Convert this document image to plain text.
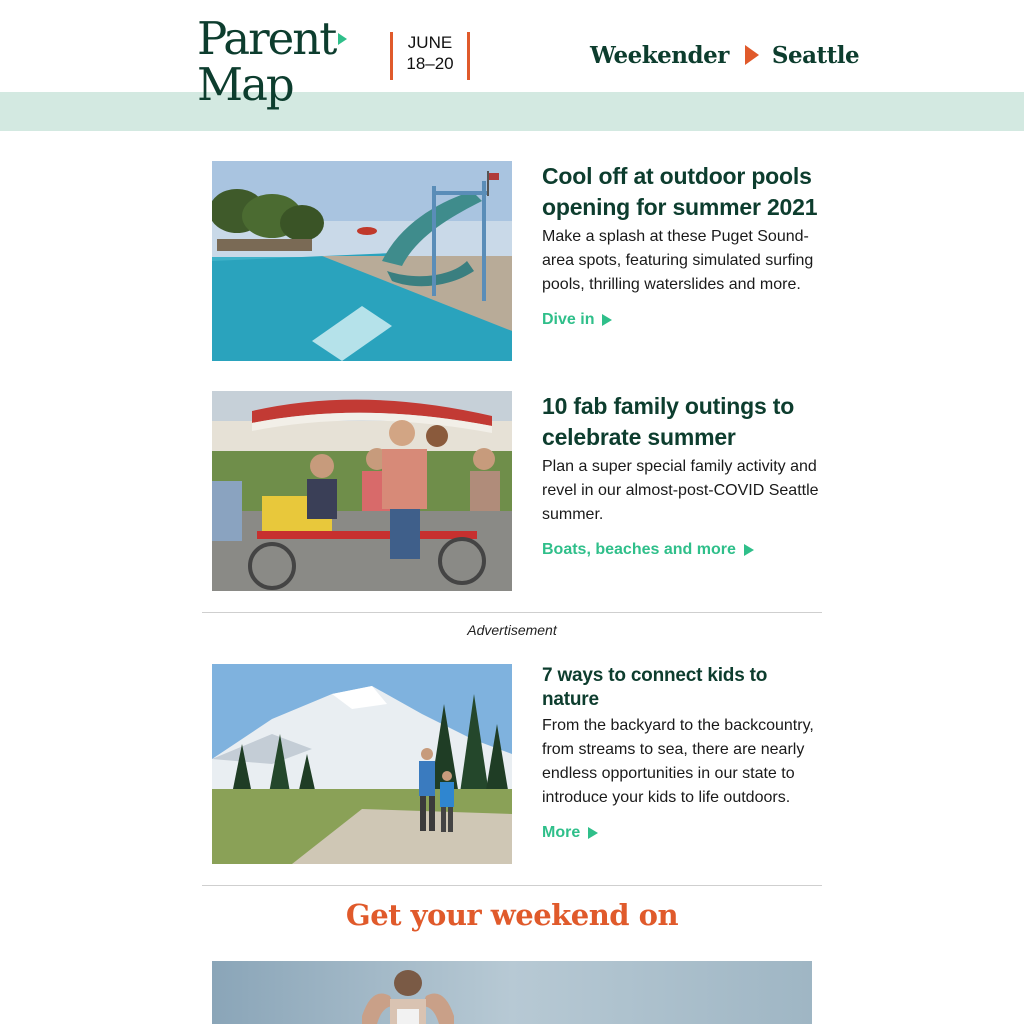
Parent
Map
JUNE
18–20	Weekender Seattle
Cool off at outdoor pools opening for summer 2021

Make a splash at these Puget Sound-area spots, featuring simulated surfing pools, thrilling waterslides and more.

Dive in
10 fab family outings to celebrate summer

Plan a super special family activity and revel in our almost-post-COVID Seattle summer.

Boats, beaches and more
Advertisement
7 ways to connect kids to nature

From the backyard to the backcountry, from streams to sea, there are nearly endless opportunities in our state to introduce your kids to life outdoors.

More
Get your weekend on
